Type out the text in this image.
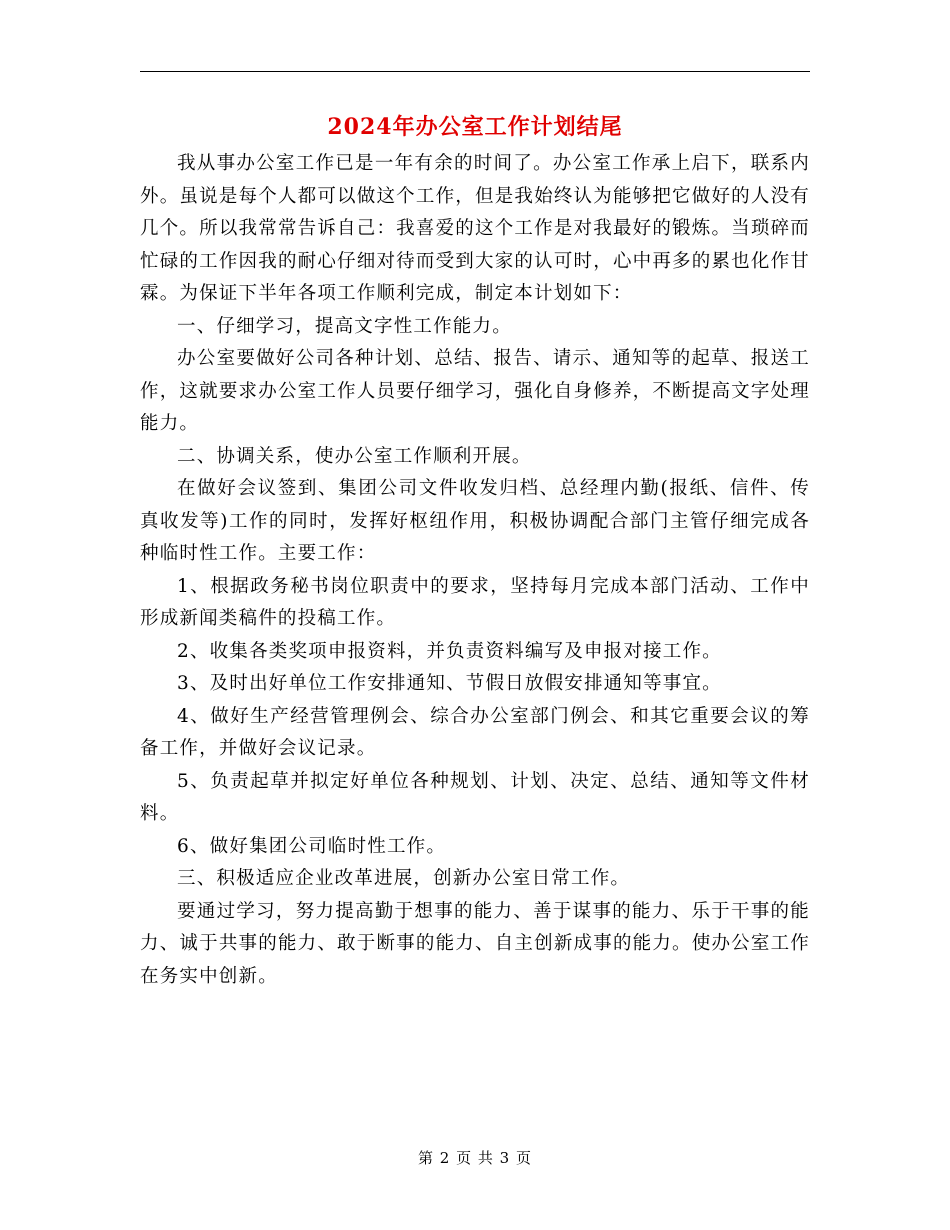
2024年办公室工作计划结尾

我从事办公室工作已是一年有余的时间了。办公室工作承上启下，联系内外。虽说是每个人都可以做这个工作，但是我始终认为能够把它做好的人没有几个。所以我常常告诉自己：我喜爱的这个工作是对我最好的锻炼。当琐碎而忙碌的工作因我的耐心仔细对待而受到大家的认可时，心中再多的累也化作甘霖。为保证下半年各项工作顺利完成，制定本计划如下：

一、仔细学习，提高文字性工作能力。

办公室要做好公司各种计划、总结、报告、请示、通知等的起草、报送工作，这就要求办公室工作人员要仔细学习，强化自身修养，不断提高文字处理能力。

二、协调关系，使办公室工作顺利开展。

在做好会议签到、集团公司文件收发归档、总经理内勤(报纸、信件、传真收发等)工作的同时，发挥好枢纽作用，积极协调配合部门主管仔细完成各种临时性工作。主要工作：

1、根据政务秘书岗位职责中的要求，坚持每月完成本部门活动、工作中形成新闻类稿件的投稿工作。

2、收集各类奖项申报资料，并负责资料编写及申报对接工作。

3、及时出好单位工作安排通知、节假日放假安排通知等事宜。

4、做好生产经营管理例会、综合办公室部门例会、和其它重要会议的筹备工作，并做好会议记录。

5、负责起草并拟定好单位各种规划、计划、决定、总结、通知等文件材料。

6、做好集团公司临时性工作。

三、积极适应企业改革进展，创新办公室日常工作。

要通过学习，努力提高勤于想事的能力、善于谋事的能力、乐于干事的能力、诚于共事的能力、敢于断事的能力、自主创新成事的能力。使办公室工作在务实中创新。

第 2 页 共 3 页
